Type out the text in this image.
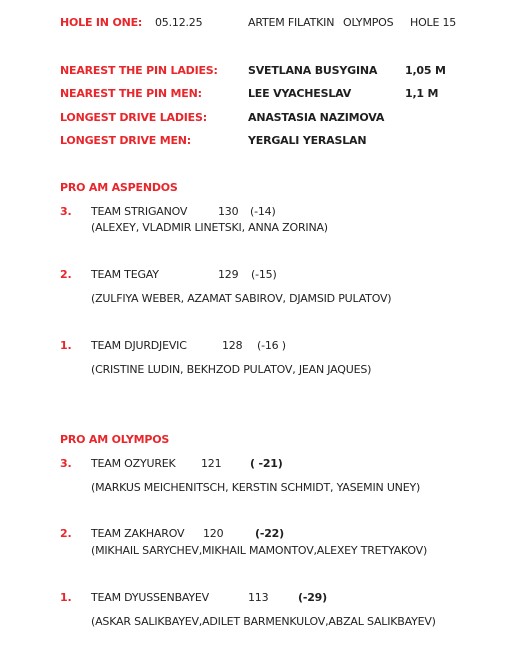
HOLE IN ONE: 05.12.25	ARTEM FILATKIN OLYMPOS HOLE 15
NEAREST THE PIN LADIES:	SVETLANA BUSYGINA	1,05 M
NEAREST THE PIN MEN:	LEE VYACHESLAV	1,1 M
LONGEST DRIVE LADIES:	ANASTASIA NAZIMOVA
LONGEST DRIVE MEN:	YERGALI YERASLAN
PRO AM ASPENDOS
3. TEAM STRIGANOV	130 (-14)
(ALEXEY, VLADMIR LINETSKI, ANNA ZORINA)
2. TEAM TEGAY	129 (-15)
(ZULFIYA WEBER, AZAMAT SABIROV, DJAMSID PULATOV)
1. TEAM DJURDJEVIC	128 (-16 )
(CRISTINE LUDIN, BEKHZOD PULATOV, JEAN JAQUES)
PRO AM OLYMPOS
3. TEAM OZYUREK 121	( -21)
(MARKUS MEICHENITSCH, KERSTIN SCHMIDT, YASEMIN UNEY)
2. TEAM ZAKHAROV 120	(-22)
(MIKHAIL SARYCHEV,MIKHAIL MAMONTOV,ALEXEY TRETYAKOV)
1. TEAM DYUSSENBAYEV	113	(-29)
(ASKAR SALIKBAYEV,ADILET BARMENKULOV,ABZAL SALIKBAYEV)
